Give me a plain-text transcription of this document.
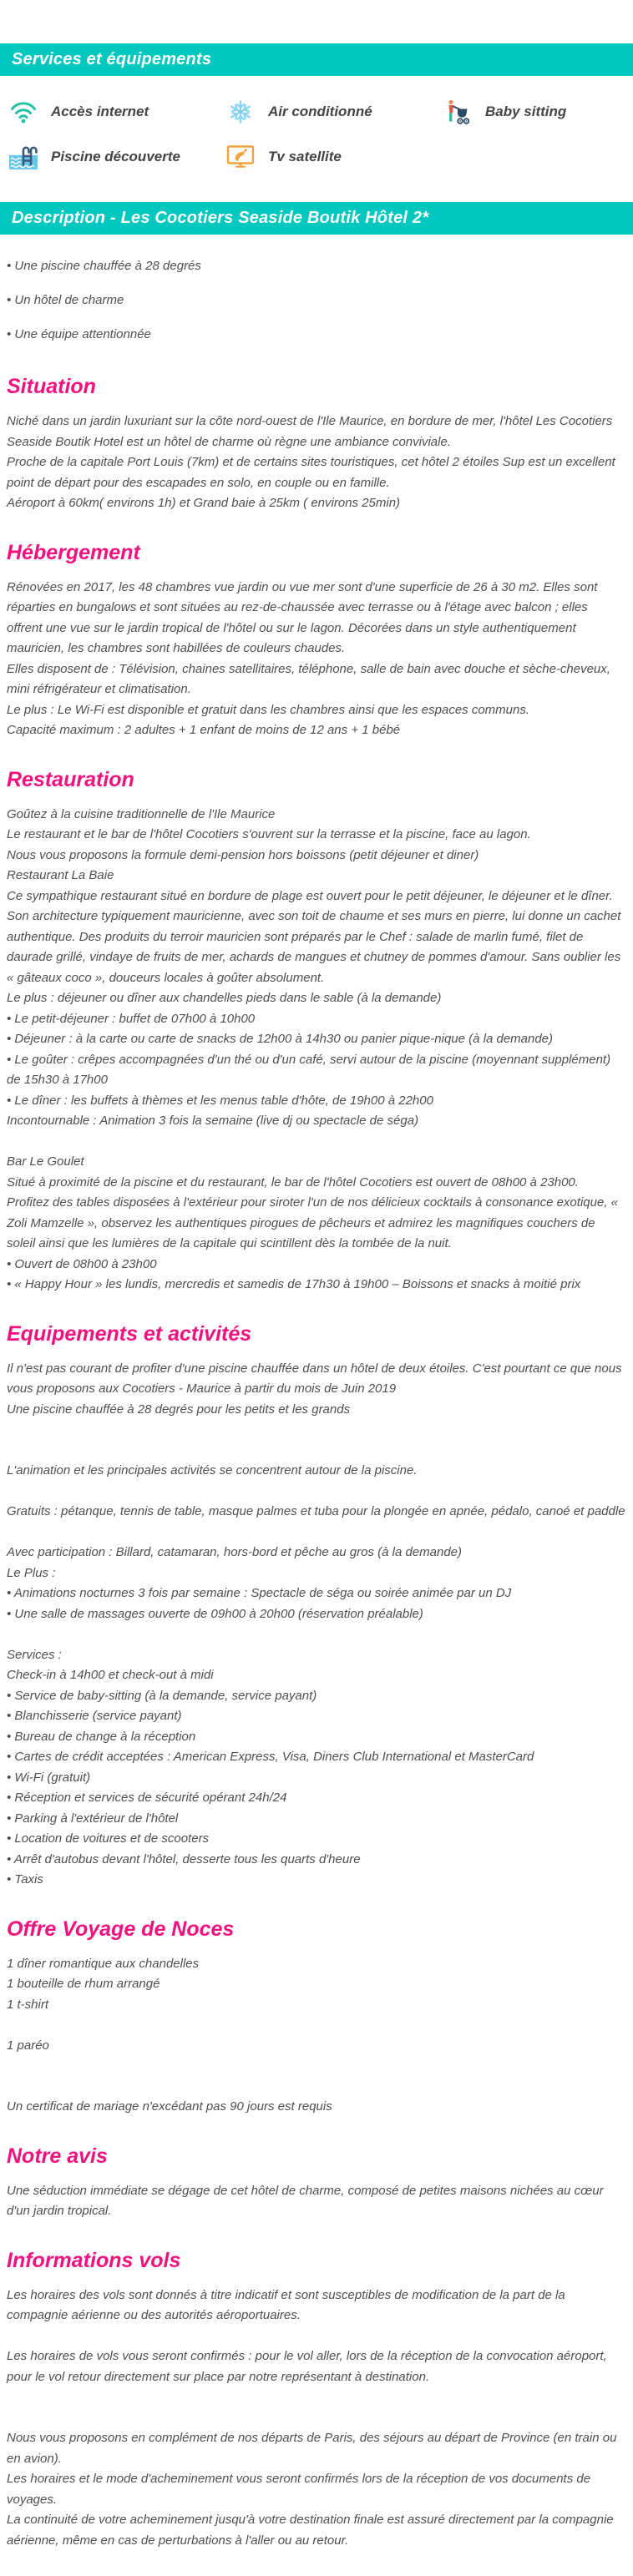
Services et équipements
Accès internet	Air conditionné	Baby sitting
Piscine découverte	Tv satellite
Description - Les Cocotiers Seaside Boutik Hôtel 2*

• Une piscine chauffée à 28 degrés

• Un hôtel de charme

• Une équipe attentionnée

Situation

Niché dans un jardin luxuriant sur la côte nord-ouest de l'Ile Maurice, en bordure de mer, l'hôtel Les Cocotiers Seaside Boutik Hotel est un hôtel de charme où règne une ambiance conviviale.

Proche de la capitale Port Louis (7km) et de certains sites touristiques, cet hôtel 2 étoiles Sup est un excellent point de départ pour des escapades en solo, en couple ou en famille.

Aéroport à 60km( environs 1h) et Grand baie à 25km ( environs 25min)

Hébergement

Rénovées en 2017, les 48 chambres vue jardin ou vue mer sont d'une superficie de 26 à 30 m2. Elles sont réparties en bungalows et sont situées au rez-de-chaussée avec terrasse ou à l'étage avec balcon ; elles offrent une vue sur le jardin tropical de l'hôtel ou sur le lagon. Décorées dans un style authentiquement mauricien, les chambres sont habillées de couleurs chaudes.

Elles disposent de : Télévision, chaines satellitaires, téléphone, salle de bain avec douche et sèche-cheveux, mini réfrigérateur et climatisation.

Le plus : Le Wi-Fi est disponible et gratuit dans les chambres ainsi que les espaces communs.

Capacité maximum : 2 adultes + 1 enfant de moins de 12 ans + 1 bébé

Restauration

Goûtez à la cuisine traditionnelle de l'Ile Maurice

Le restaurant et le bar de l'hôtel Cocotiers s'ouvrent sur la terrasse et la piscine, face au lagon.

Nous vous proposons la formule demi-pension hors boissons (petit déjeuner et diner)

Restaurant La Baie

Ce sympathique restaurant situé en bordure de plage est ouvert pour le petit déjeuner, le déjeuner et le dîner. Son architecture typiquement mauricienne, avec son toit de chaume et ses murs en pierre, lui donne un cachet authentique. Des produits du terroir mauricien sont préparés par le Chef : salade de marlin fumé, filet de daurade grillé, vindaye de fruits de mer, achards de mangues et chutney de pommes d'amour. Sans oublier les « gâteaux coco », douceurs locales à goûter absolument.

Le plus : déjeuner ou dîner aux chandelles pieds dans le sable (à la demande)

• Le petit-déjeuner : buffet de 07h00 à 10h00

• Déjeuner : à la carte ou carte de snacks de 12h00 à 14h30 ou panier pique-nique (à la demande)

• Le goûter : crêpes accompagnées d'un thé ou d'un café, servi autour de la piscine (moyennant supplément) de 15h30 à 17h00

• Le dîner : les buffets à thèmes et les menus table d'hôte, de 19h00 à 22h00

Incontournable : Animation 3 fois la semaine (live dj ou spectacle de séga)

Bar Le Goulet

Situé à proximité de la piscine et du restaurant, le bar de l'hôtel Cocotiers est ouvert de 08h00 à 23h00.

Profitez des tables disposées à l'extérieur pour siroter l'un de nos délicieux cocktails à consonance exotique, « Zoli Mamzelle », observez les authentiques pirogues de pêcheurs et admirez les magnifiques couchers de soleil ainsi que les lumières de la capitale qui scintillent dès la tombée de la nuit.

• Ouvert de 08h00 à 23h00

• « Happy Hour » les lundis, mercredis et samedis de 17h30 à 19h00 – Boissons et snacks à moitié prix

Equipements et activités

Il n'est pas courant de profiter d'une piscine chauffée dans un hôtel de deux étoiles. C'est pourtant ce que nous vous proposons aux Cocotiers - Maurice à partir du mois de Juin 2019

Une piscine chauffée à 28 degrés pour les petits et les grands

L'animation et les principales activités se concentrent autour de la piscine.

Gratuits : pétanque, tennis de table, masque palmes et tuba pour la plongée en apnée, pédalo, canoé et paddle

Avec participation : Billard, catamaran, hors-bord et pêche au gros (à la demande)

Le Plus :

• Animations nocturnes 3 fois par semaine : Spectacle de séga ou soirée animée par un DJ

• Une salle de massages ouverte de 09h00 à 20h00 (réservation préalable)

Services :

Check-in à 14h00 et check-out à midi

• Service de baby-sitting (à la demande, service payant)

• Blanchisserie (service payant)

• Bureau de change à la réception

• Cartes de crédit acceptées : American Express, Visa, Diners Club International et MasterCard

• Wi-Fi (gratuit)

• Réception et services de sécurité opérant 24h/24

• Parking à l'extérieur de l'hôtel

• Location de voitures et de scooters

• Arrêt d'autobus devant l'hôtel, desserte tous les quarts d'heure

• Taxis

Offre Voyage de Noces

1 dîner romantique aux chandelles

1 bouteille de rhum arrangé

1 t-shirt

1 paréo

Un certificat de mariage n'excédant pas 90 jours est requis

Notre avis

Une séduction immédiate se dégage de cet hôtel de charme, composé de petites maisons nichées au cœur d'un jardin tropical.

Informations vols

Les horaires des vols sont donnés à titre indicatif et sont susceptibles de modification de la part de la compagnie aérienne ou des autorités aéroportuaires.

Les horaires de vols vous seront confirmés : pour le vol aller, lors de la réception de la convocation aéroport, pour le vol retour directement sur place par notre représentant à destination.

Nous vous proposons en complément de nos départs de Paris, des séjours au départ de Province (en train ou en avion).

Les horaires et le mode d'acheminement vous seront confirmés lors de la réception de vos documents de voyages.

La continuité de votre acheminement jusqu'à votre destination finale est assuré directement par la compagnie aérienne, même en cas de perturbations à l'aller ou au retour.
